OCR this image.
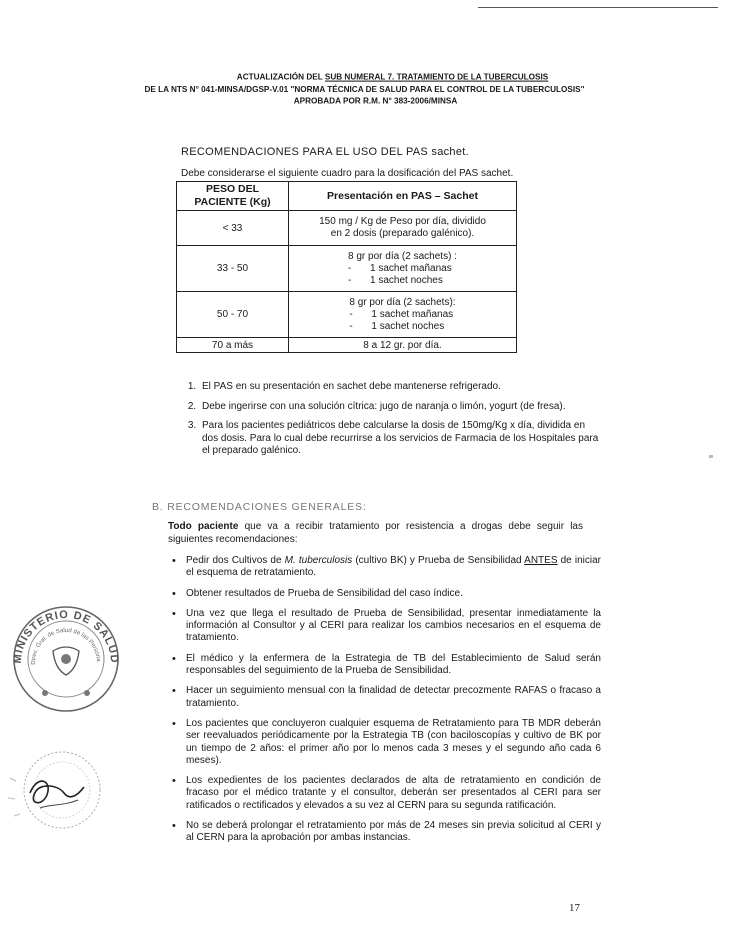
ACTUALIZACIÓN DEL SUB NUMERAL 7. TRATAMIENTO DE LA TUBERCULOSIS
DE LA NTS N° 041-MINSA/DGSP-V.01 "NORMA TÉCNICA DE SALUD PARA EL CONTROL DE LA TUBERCULOSIS"
APROBADA POR R.M. N° 383-2006/MINSA
RECOMENDACIONES PARA EL USO DEL PAS sachet.
Debe considerarse el siguiente cuadro para la dosificación del PAS sachet.
PESO DEL PACIENTE (Kg)	Presentación en PAS – Sachet
< 33	150 mg / Kg de Peso por día, dividido
en 2 dosis (preparado galénico).

33 - 50	8 gr por día (2 sachets) :
- 1 sachet mañanas
- 1 sachet noches
50 - 70	8 gr por día (2 sachets):
- 1 sachet mañanas
- 1 sachet noches
70 a más	8 a 12 gr. por día.
1. El PAS en su presentación en sachet debe mantenerse refrigerado.
2. Debe ingerirse con una solución cítrica: jugo de naranja o limón, yogurt (de fresa).
3. Para los pacientes pediátricos debe calcularse la dosis de 150mg/Kg x día, dividida en dos dosis. Para lo cual debe recurrirse a los servicios de Farmacia de los Hospitales para el preparado galénico.
B. RECOMENDACIONES GENERALES:
Todo paciente que va a recibir tratamiento por resistencia a drogas debe seguir las siguientes recomendaciones:
• Pedir dos Cultivos de M. tuberculosis (cultivo BK) y Prueba de Sensibilidad ANTES de iniciar el esquema de retratamiento.
• Obtener resultados de Prueba de Sensibilidad del caso índice.
• Una vez que llega el resultado de Prueba de Sensibilidad, presentar inmediatamente la información al Consultor y al CERI para realizar los cambios necesarios en el esquema de tratamiento.
• El médico y la enfermera de la Estrategia de TB del Establecimiento de Salud serán responsables del seguimiento de la Prueba de Sensibilidad.
• Hacer un seguimiento mensual con la finalidad de detectar precozmente RAFAS o fracaso a tratamiento.
• Los pacientes que concluyeron cualquier esquema de Retratamiento para TB MDR deberán ser reevaluados periódicamente por la Estrategia TB (con baciloscopías y cultivo de BK por un tiempo de 2 años: el primer año por lo menos cada 3 meses y el segundo año cada 6 meses).
• Los expedientes de los pacientes declarados de alta de retratamiento en condición de fracaso por el médico tratante y el consultor, deberán ser presentados al CERI para ser ratificados o rectificados y elevados a su vez al CERN para su segunda ratificación.
• No se deberá prolongar el retratamiento por más de 24 meses sin previa solicitud al CERI y al CERN para la aprobación por ambas instancias.
MINISTERIO DE SALUD
Direc. Gral. de Salud de las Persona
17
